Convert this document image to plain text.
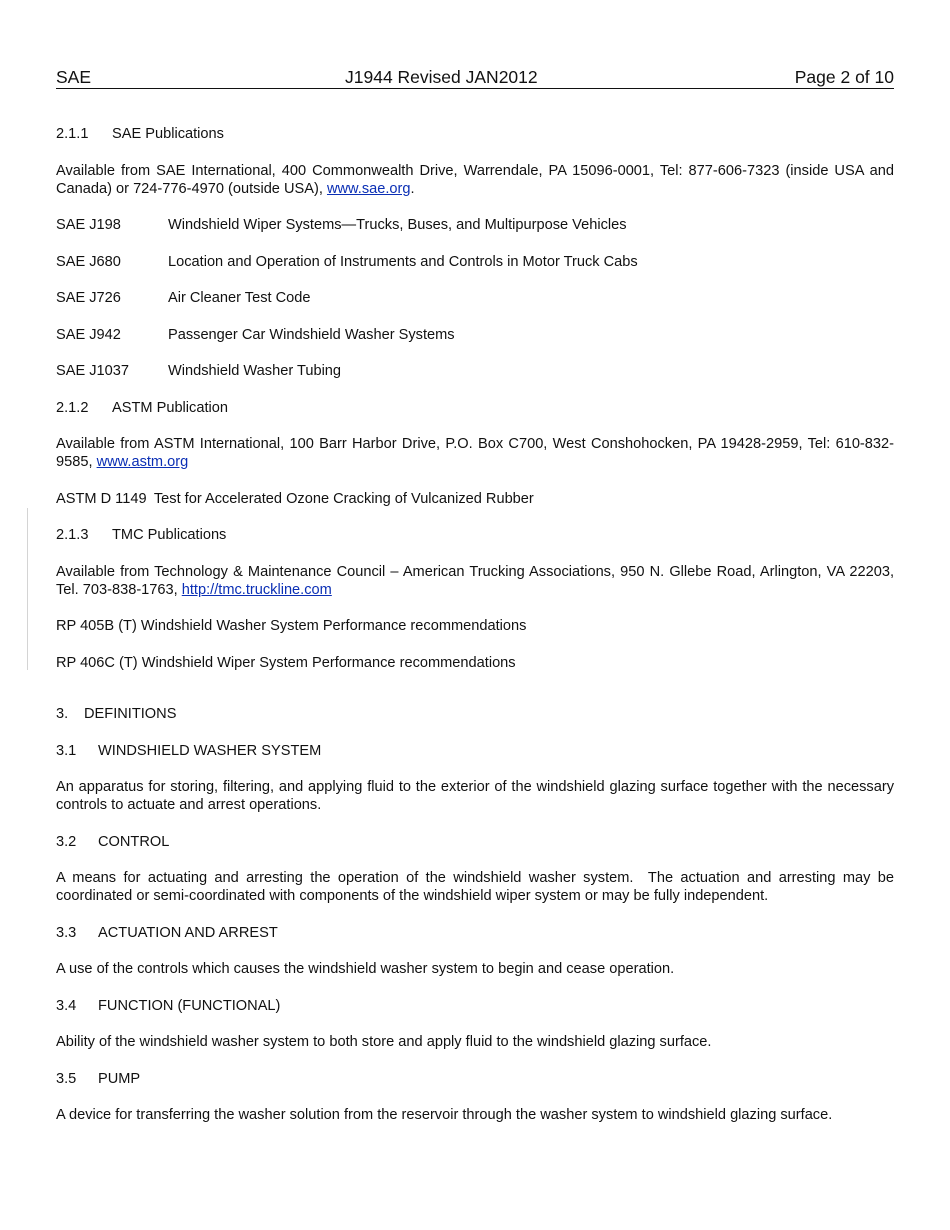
SAE	J1944 Revised JAN2012	Page 2 of 10
2.1.1 SAE Publications
Available from SAE International, 400 Commonwealth Drive, Warrendale, PA 15096-0001, Tel: 877-606-7323 (inside USA and Canada) or 724-776-4970 (outside USA), www.sae.org.
SAE J198	Windshield Wiper Systems—Trucks, Buses, and Multipurpose Vehicles
SAE J680	Location and Operation of Instruments and Controls in Motor Truck Cabs
SAE J726	Air Cleaner Test Code
SAE J942	Passenger Car Windshield Washer Systems
SAE J1037	Windshield Washer Tubing
2.1.2 ASTM Publication
Available from ASTM International, 100 Barr Harbor Drive, P.O. Box C700, West Conshohocken, PA 19428-2959, Tel: 610-832-9585, www.astm.org
ASTM D 1149 Test for Accelerated Ozone Cracking of Vulcanized Rubber
2.1.3 TMC Publications
Available from Technology & Maintenance Council – American Trucking Associations, 950 N. Gllebe Road, Arlington, VA 22203, Tel. 703-838-1763, http://tmc.truckline.com
RP 405B (T) Windshield Washer System Performance recommendations
RP 406C (T) Windshield Wiper System Performance recommendations
3. DEFINITIONS
3.1 WINDSHIELD WASHER SYSTEM
An apparatus for storing, filtering, and applying fluid to the exterior of the windshield glazing surface together with the necessary controls to actuate and arrest operations.
3.2 CONTROL
A means for actuating and arresting the operation of the windshield washer system.  The actuation and arresting may be coordinated or semi-coordinated with components of the windshield wiper system or may be fully independent.
3.3 ACTUATION AND ARREST
A use of the controls which causes the windshield washer system to begin and cease operation.
3.4 FUNCTION (FUNCTIONAL)
Ability of the windshield washer system to both store and apply fluid to the windshield glazing surface.
3.5 PUMP
A device for transferring the washer solution from the reservoir through the washer system to windshield glazing surface.
